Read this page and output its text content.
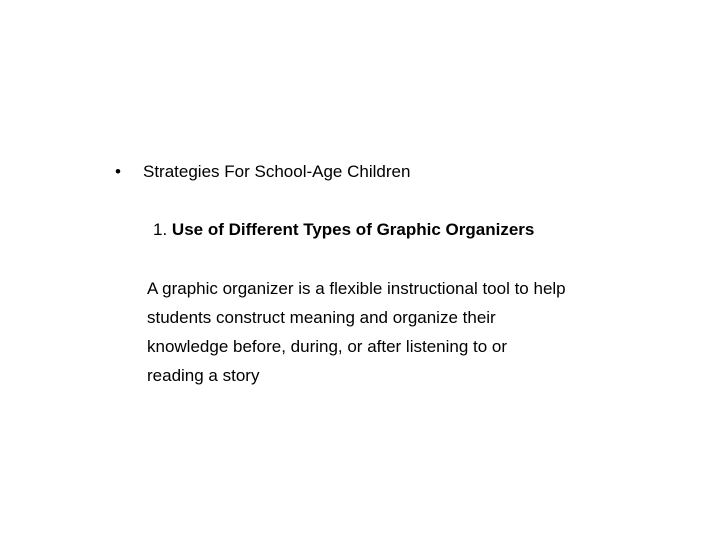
• Strategies For School-Age Children
1. Use of Different Types of Graphic Organizers
A graphic organizer is a flexible instructional tool to help
students construct meaning and organize their
knowledge before, during, or after listening to or
reading a story
